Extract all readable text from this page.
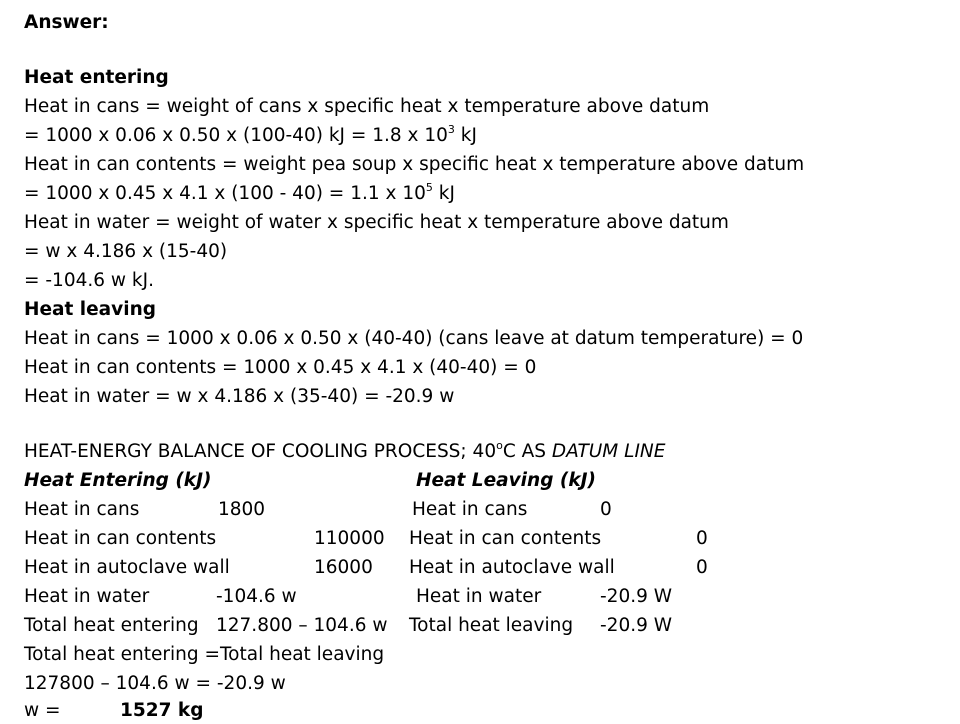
Answer:
Heat entering
Heat in cans = weight of cans x specific heat x temperature above datum
= 1000 x 0.06 x 0.50 x (100-40) kJ = 1.8 x $10^3$ kJ
Heat in can contents = weight pea soup x specific heat x temperature above datum
= 1000 x 0.45 x 4.1 x (100 - 40) = 1.1 x $10^5$ kJ
Heat in water = weight of water x specific heat x temperature above datum
= w x 4.186 x (15-40)
= -104.6 w kJ.
Heat leaving
Heat in cans = 1000 x 0.06 x 0.50 x (40-40) (cans leave at datum temperature) = 0
Heat in can contents = 1000 x 0.45 x 4.1 x (40-40) = 0
Heat in water = w x 4.186 x (35-40) = -20.9 w
HEAT-ENERGY BALANCE OF COOLING PROCESS; 40$^o$C AS DATUM LINE
Heat Entering (kJ)	Heat Leaving (kJ)
Heat in cans	1800	Heat in cans	0
Heat in can contents	110000 Heat in can contents	0
Heat in autoclave wall	16000 Heat in autoclave wall	0
Heat in water	-104.6 w	Heat in water	-20.9 W
Total heat entering 127.800 – 104.6 w Total heat leaving -20.9 W
Total heat entering =Total heat leaving
127800 – 104.6 w = -20.9 w
w =	1527 kg
